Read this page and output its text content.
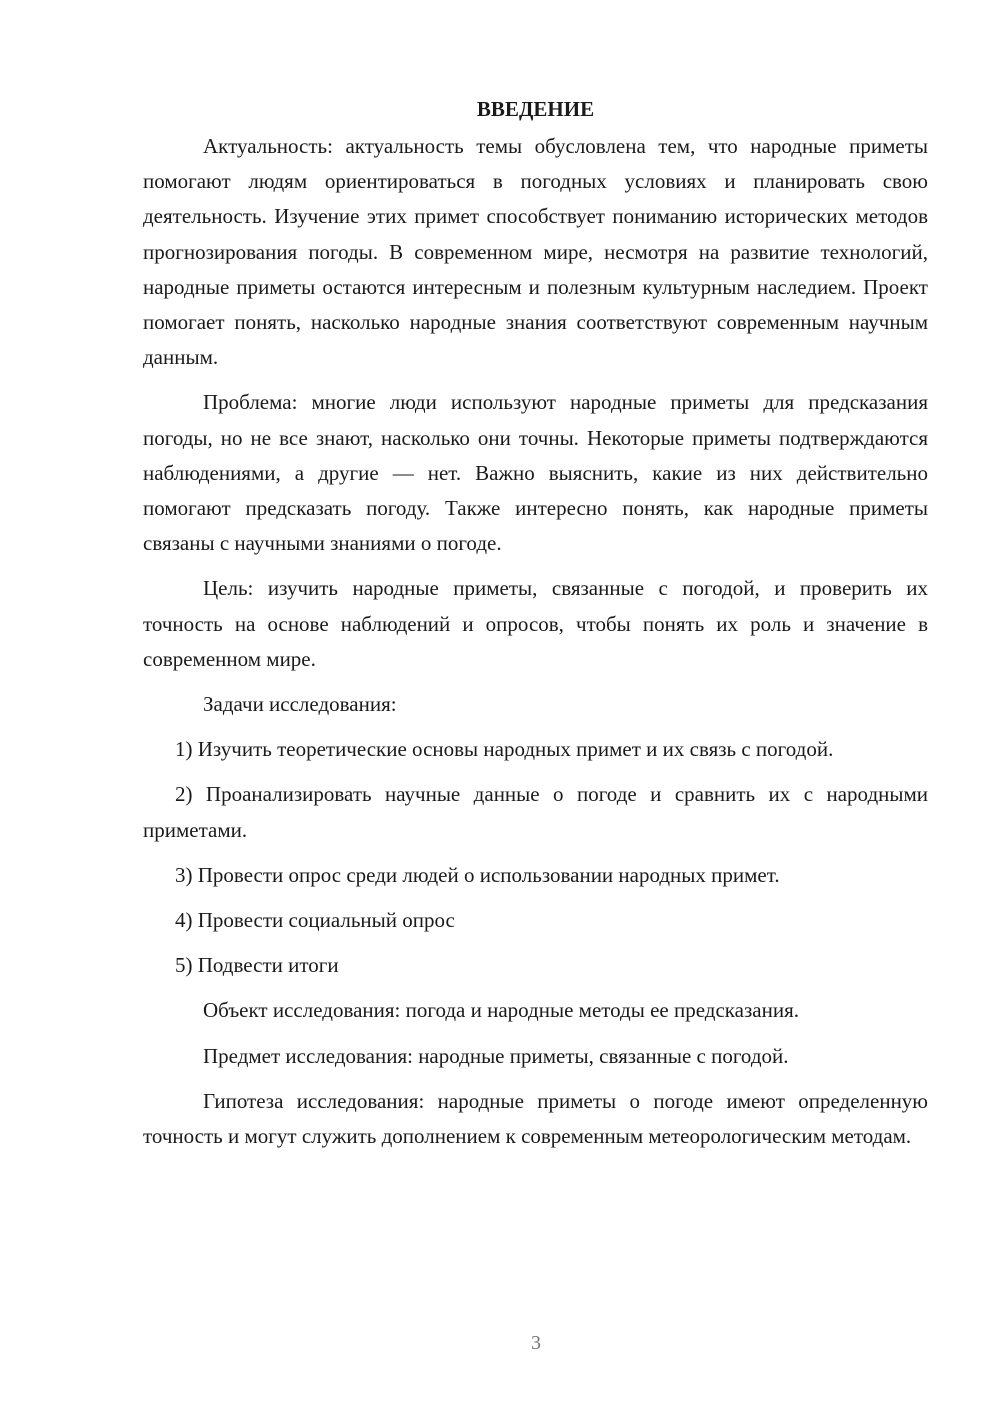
ВВЕДЕНИЕ

Актуальность: актуальность темы обусловлена тем, что народные приметы помогают людям ориентироваться в погодных условиях и планировать свою деятельность. Изучение этих примет способствует пониманию исторических методов прогнозирования погоды. В современном мире, несмотря на развитие технологий, народные приметы остаются интересным и полезным культурным наследием. Проект помогает понять, насколько народные знания соответствуют современным научным данным.

Проблема: многие люди используют народные приметы для предсказания погоды, но не все знают, насколько они точны. Некоторые приметы подтверждаются наблюдениями, а другие — нет. Важно выяснить, какие из них действительно помогают предсказать погоду. Также интересно понять, как народные приметы связаны с научными знаниями о погоде.

Цель: изучить народные приметы, связанные с погодой, и проверить их точность на основе наблюдений и опросов, чтобы понять их роль и значение в современном мире.

Задачи исследования:

1) Изучить теоретические основы народных примет и их связь с погодой.

2) Проанализировать научные данные о погоде и сравнить их с народными приметами.

3) Провести опрос среди людей о использовании народных примет.

4) Провести социальный опрос

5) Подвести итоги

Объект исследования: погода и народные методы ее предсказания.

Предмет исследования: народные приметы, связанные с погодой.

Гипотеза исследования: народные приметы о погоде имеют определенную точность и могут служить дополнением к современным метеорологическим методам.

3
